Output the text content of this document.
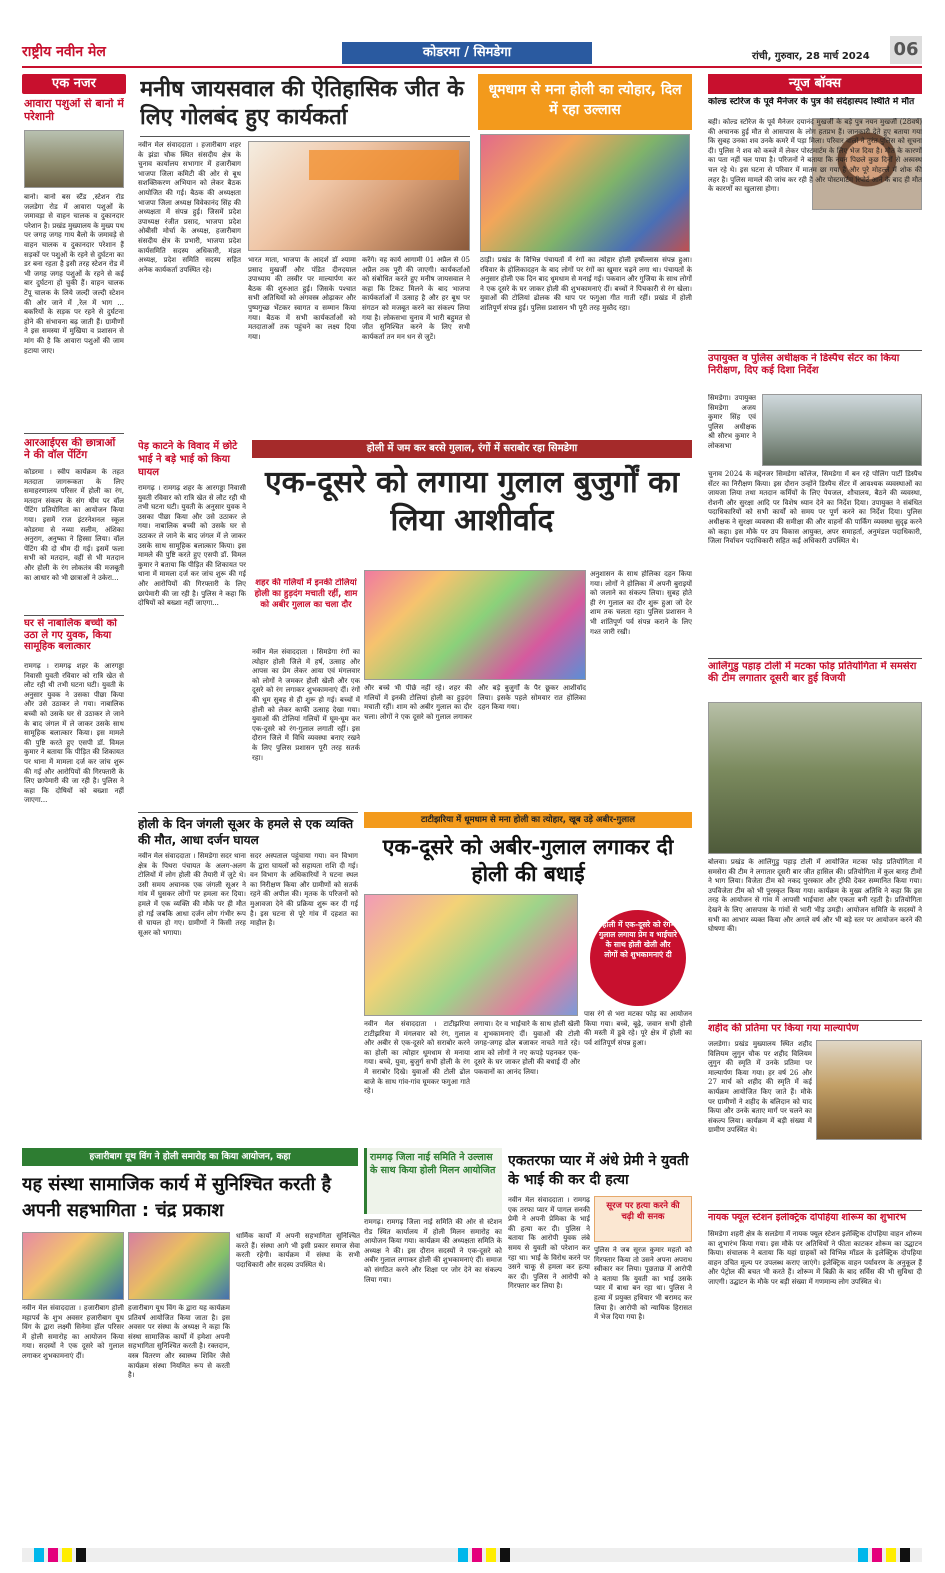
राष्ट्रीय नवीन मेल	कोडरमा / सिमडेगा	रांची, गुरुवार, 28 मार्च 2024 06
एक नजर
आवारा पशुओं से बानो में परेशानी
बानो। बानो बस स्टैंड ,स्टेशन रोड जलडेगा रोड में आवारा पशुओं के जमावड़ा से वाहन चालक व दुकानदार परेशान है। प्रखंड मुख्यालय के मुख्य पथ पर जगह जगह गाय बैलो के जमावड़े से वाहन चालक व दुकानदार परेशान हैं सड़कों पर पशुओं के रहने से दुर्घटना का डर बना रहता है इसी तरह स्टेशन रोड में भी जगह जगह पशुओं के रहने से कई बार दुर्घटना हो चुकी हैं। वाहन चालक टेंपू चालक के लिये जल्दी जल्दी स्टेशन की ओर जाने में ,रेल में भाग ... बकरियों के सड़क पर रहने से दुर्घटना होने की संभावना बढ़ जाती हैं। ग्रामीणों ने इस समस्या में मुखिया व प्रशासन से मांग की है कि आवारा पशुओं की जाम हटाया जाए।
आरआईएस की छात्राओं ने की वॉल पेंटिंग
कोडरमा । स्वीप कार्यक्रम के तहत मतदाता जागरूकता के लिए समाहरणालय परिसर में होली का रंग, मतदान संकल्प के संग थीम पर वॉल पेंटिंग प्रतियोगिता का आयोजन किया गया। इसमें राज इंटरनेशनल स्कूल कोडरमा से नव्या सलीम, अंशिका अनुराग, अनुष्का ने हिस्सा लिया। वॉल पेंटिंग की दो थीम दी गई। इसमें फला सभी को मतदान, वहीं से भी मतदान और होली के रंग लोकतंत्र की मजबूती का आधार को भी छात्राओं ने उकेरा...
घर से नाबालिक बच्ची को उठा ले गए युवक, किया सामूहिक बलात्कार
रामगढ़ । रामगढ़ शहर के आरगड्डा निवासी युवती रविवार को रात्रि खेत से लौट रही थी तभी घटना घटी। युवती के अनुसार युवक ने उसका पीछा किया और उसे उठाकर ले गया। नाबालिक बच्ची को उसके घर से उठाकर ले जाने के बाद जंगल में ले जाकर उसके साथ सामूहिक बलात्कार किया। इस मामले की पुष्टि करते हुए एसपी डॉ. विमल कुमार ने बताया कि पीड़ित की शिकायत पर थाना में मामला दर्ज कर जांच शुरू की गई और आरोपियों की गिरफ्तारी के लिए छापेमारी की जा रही है। पुलिस ने कहा कि दोषियों को बख्शा नहीं जाएगा...
मनीष जायसवाल की ऐतिहासिक जीत के लिए गोलबंद हुए कार्यकर्ता
नवीन मेल संवाददाता । हजारीबाग शहर के झंडा चौक स्थित संसदीय क्षेत्र के चुनाव कार्यालय सभागार में हजारीबाग भाजपा जिला कमिटी की ओर से बूथ सशक्तिकरण अभियान को लेकर बैठक आयोजित की गई। बैठक की अध्यक्षता भाजपा जिला अध्यक्ष विवेकानंद सिंह की अध्यक्षता में संपन्न हुई। जिसमें प्रदेश उपाध्यक्ष रंजीत प्रसाद, भाजपा प्रदेश ओबीसी मोर्चा के अध्यक्ष, हजारीबाग संसदीय क्षेत्र के प्रभारी, भाजपा प्रदेश कार्यसमिति सदस्य अधिकारी, मंडल अध्यक्ष, प्रदेश समिति सदस्य सहित अनेक कार्यकर्ता उपस्थित रहे।
भारत माता, भाजपा के आदर्श डॉ श्यामा प्रसाद मुखर्जी और पंडित दीनदयाल उपाध्याय की तस्वीर पर माल्यार्पण कर बैठक की शुरुआत हुई। जिसके पश्चात सभी अतिथियों को अंगवस्त्र ओढ़ाकर और पुष्पगुच्छ भेंटकर स्वागत व सम्मान किया गया। बैठक में सभी कार्यकर्ताओं को मतदाताओं तक पहुंचने का लक्ष्य दिया गया।
करेंगे। वह कार्य आगामी 01 अप्रैल से 05 अप्रैल तक पूरी की जाएगी। कार्यकर्ताओं को संबोधित करते हुए मनीष जायसवाल ने कहा कि टिकट मिलने के बाद भाजपा कार्यकर्ताओं में उत्साह है और हर बूथ पर संगठन को मजबूत करने का संकल्प लिया गया है। लोकसभा चुनाव में भारी बहुमत से जीत सुनिश्चित करने के लिए सभी कार्यकर्ता तन मन धन से जुटें।
धूमधाम से मना होली का त्योहार, दिल में रहा उल्लास
ठाड़ी। प्रखंड के विभिन्न पंचायतों में रंगों का त्योहार होली हर्षोल्लास संपन्न हुआ। रविवार के होलिकादहन के बाद लोगों पर रंगों का खुमार चढ़ने लगा था। पंचायतों के अनुसार होली एक दिन बाद धूमधाम से मनाई गई। पकवान और गुजिया के साथ लोगों ने एक दूसरे के घर जाकर होली की शुभकामनाएं दीं। बच्चों ने पिचकारी से रंग खेला। युवाओं की टोलियां ढोलक की थाप पर फगुआ गीत गाती रहीं। प्रखंड में होली शांतिपूर्ण संपन्न हुई। पुलिस प्रशासन भी पूरी तरह मुस्तैद रहा।
न्यूज बॉक्स
कोल्ड स्टोरेज के पूर्व मैनेजर के पुत्र की संदेहास्पद स्थिति में मौत
बही। कोल्ड स्टोरेज के पूर्व मैनेजर दयानंद मुखर्जी के बड़े पुत्र नयन मुखर्जी (28वर्ष) की अचानक हुई मौत से आसपास के लोग हतप्रभ हैं। जानकारी देते हुए बताया गया कि सुबह उनका शव उनके कमरे में पड़ा मिला। परिवार वालों ने तुरंत पुलिस को सूचना दी। पुलिस ने शव को कब्जे में लेकर पोस्टमार्टम के लिए भेज दिया है। मौत के कारणों का पता नहीं चल पाया है। परिजनों ने बताया कि नयन पिछले कुछ दिनों से अस्वस्थ चल रहे थे। इस घटना से परिवार में मातम छा गया है और पूरे मोहल्ले में शोक की लहर है। पुलिस मामले की जांच कर रही है और पोस्टमार्टम रिपोर्ट आने के बाद ही मौत के कारणों का खुलासा होगा।
उपायुक्त व पुलिस अधीक्षक ने डिस्पैच सेंटर का किया निरीक्षण, दिए कई दिशा निर्देश
सिमडेगा। उपायुक्त सिमडेगा अजय कुमार सिंह एवं पुलिस अधीक्षक श्री सौरभ कुमार ने लोकसभा
चुनाव 2024 के मद्देनजर सिमडेगा कॉलेज, सिमडेगा में बन रहे पोलिंग पार्टी डिस्पैच सेंटर का निरीक्षण किया। इस दौरान उन्होंने डिस्पैच सेंटर में आवश्यक व्यवस्थाओं का जायजा लिया तथा मतदान कर्मियों के लिए पेयजल, शौचालय, बैठने की व्यवस्था, रोशनी और सुरक्षा आदि पर विशेष ध्यान देने का निर्देश दिया। उपायुक्त ने संबंधित पदाधिकारियों को सभी कार्यों को समय पर पूर्ण करने का निर्देश दिया। पुलिस अधीक्षक ने सुरक्षा व्यवस्था की समीक्षा की और वाहनों की पार्किंग व्यवस्था सुदृढ़ करने को कहा। इस मौके पर उप विकास आयुक्त, अपर समाहर्ता, अनुमंडल पदाधिकारी, जिला निर्वाचन पदाधिकारी सहित कई अधिकारी उपस्थित थे।
आलिंगुडु पहाड़ टोली में मटका फोड़ प्रतियोगिता में समसेरा की टीम लगातार दूसरी बार हुई विजयी
बोलवा। प्रखंड के आलिंगुडु पहाड़ टोली में आयोजित मटका फोड़ प्रतियोगिता में समसेरा की टीम ने लगातार दूसरी बार जीत हासिल की। प्रतियोगिता में कुल बारह टीमों ने भाग लिया। विजेता टीम को नकद पुरस्कार और ट्रॉफी देकर सम्मानित किया गया। उपविजेता टीम को भी पुरस्कृत किया गया। कार्यक्रम के मुख्य अतिथि ने कहा कि इस तरह के आयोजन से गांव में आपसी भाईचारा और एकता बनी रहती है। प्रतियोगिता देखने के लिए आसपास के गांवों से भारी भीड़ उमड़ी। आयोजन समिति के सदस्यों ने सभी का आभार व्यक्त किया और अगले वर्ष और भी बड़े स्तर पर आयोजन करने की घोषणा की।
शहीद की प्रतिमा पर किया गया माल्यार्पण
जलडेगा। प्रखंड मुख्यालय स्थित शहीद विलियम लुगुन चौक पर शहीद विलियम लुगुन की स्मृति में उनके प्रतिमा पर माल्यार्पण किया गया। हर वर्ष 26 और 27 मार्च को शहीद की स्मृति में कई कार्यक्रम आयोजित किए जाते हैं। मौके पर ग्रामीणों ने शहीद के बलिदान को याद किया और उनके बताए मार्ग पर चलने का संकल्प लिया। कार्यक्रम में बड़ी संख्या में ग्रामीण उपस्थित थे।
नायक फ्यूल स्टेशन इलेक्ट्रिक दोपहिया शोरूम का शुभारंभ
सिमडेगा शहरी क्षेत्र के सलडेगा में नायक फ्यूल स्टेशन इलेक्ट्रिक दोपहिया वाहन शोरूम का शुभारंभ किया गया। इस मौके पर अतिथियों ने फीता काटकर शोरूम का उद्घाटन किया। संचालक ने बताया कि यहां ग्राहकों को विभिन्न मॉडल के इलेक्ट्रिक दोपहिया वाहन उचित मूल्य पर उपलब्ध कराए जाएंगे। इलेक्ट्रिक वाहन पर्यावरण के अनुकूल हैं और पेट्रोल की बचत भी करते हैं। शोरूम में बिक्री के बाद सर्विस की भी सुविधा दी जाएगी। उद्घाटन के मौके पर बड़ी संख्या में गणमान्य लोग उपस्थित थे।
पेड़ काटने के विवाद में छोटे भाई ने बड़े भाई को किया घायल
होली में जम कर बरसे गुलाल, रंगों में सराबोर रहा सिमडेगा
एक-दूसरे को लगाया गुलाल बुजुर्गों का लिया आशीर्वाद
शहर की गलियों में इनकी टोलियां होली का हुड़दंग मचाती रहीं, शाम को अबीर गुलाल का चला दौर
नवीन मेल संवाददाता । सिमडेगा रंगों का त्योहार होली जिले में हर्ष, उत्साह और आपस का प्रेम लेकर आया एवं मंगलवार को लोगों ने जमकर होली खेली और एक दूसरे को रंग लगाकर शुभकामनाएं दीं। रंगों की धूम सुबह से ही शुरू हो गई। बच्चों में होली को लेकर काफी उत्साह देखा गया। युवाओं की टोलियां गलियों में घूम-घूम कर एक-दूसरे को रंग-गुलाल लगाती रहीं। इस दौरान जिले में विधि व्यवस्था बनाए रखने के लिए पुलिस प्रशासन पूरी तरह सतर्क रहा।
और बच्चे भी पीछे नहीं रहे। शहर की गलियों में इनकी टोलियां होली का हुड़दंग मचाती रहीं। शाम को अबीर गुलाल का दौर चला। लोगों ने एक दूसरे को गुलाल लगाकर और बड़े बुजुर्गों के पैर छूकर आशीर्वाद लिया। इसके पहले सोमवार रात होलिका दहन किया गया।
अनुशासन के साथ होलिका दहन किया गया। लोगों ने होलिका में अपनी बुराइयों को जलाने का संकल्प लिया। सुबह होते ही रंग गुलाल का दौर शुरू हुआ जो देर शाम तक चलता रहा। पुलिस प्रशासन ने भी शांतिपूर्ण पर्व संपन्न कराने के लिए गश्त जारी रखी।
रामगढ़ । रामगढ़ शहर के आरगड्डा निवासी युवती रविवार को रात्रि खेत से लौट रही थी तभी घटना घटी। युवती के अनुसार युवक ने उसका पीछा किया और उसे उठाकर ले गया। नाबालिक बच्ची को उसके घर से उठाकर ले जाने के बाद जंगल में ले जाकर उसके साथ सामूहिक बलात्कार किया। इस मामले की पुष्टि करते हुए एसपी डॉ. विमल कुमार ने बताया कि पीड़ित की शिकायत पर थाना में मामला दर्ज कर जांच शुरू की गई और आरोपियों की गिरफ्तारी के लिए छापेमारी की जा रही है। पुलिस ने कहा कि दोषियों को बख्शा नहीं जाएगा...
होली के दिन जंगली सूअर के हमले से एक व्यक्ति की मौत, आधा दर्जन घायल
नवीन मेल संवाददाता । सिमडेगा सदर थाना क्षेत्र के पिथरा पंचायत के अलग-अलग टोलियों में लोग होली की तैयारी में जुटे थे। उसी समय अचानक एक जंगली सूअर ने गांव में घुसकर लोगों पर हमला कर दिया। हमले में एक व्यक्ति की मौके पर ही मौत हो गई जबकि आधा दर्जन लोग गंभीर रूप से घायल हो गए। ग्रामीणों ने किसी तरह सूअर को भगाया।
सदर अस्पताल पहुंचाया गया। वन विभाग के द्वारा घायलों को सहायता राशि दी गई। वन विभाग के अधिकारियों ने घटना स्थल का निरीक्षण किया और ग्रामीणों को सतर्क रहने की अपील की। मृतक के परिजनों को मुआवजा देने की प्रक्रिया शुरू कर दी गई है। इस घटना से पूरे गांव में दहशत का माहौल है।
टाटीझरिया में धूमधाम से मना होली का त्योहार, खूब उड़े अबीर-गुलाल
एक-दूसरे को अबीर-गुलाल लगाकर दी होली की बधाई
होली में एक-दूसरे को रंग-गुलाल लगाया प्रेम व भाईचारे के साथ होली खेली और लोगों को शुभकामनाएं दी
नवीन मेल संवाददाता । टाटीझरिया टाटीझरिया में मंगलवार को रंग, गुलाल और अबीर से एक-दूसरे को सराबोर करने का होली का त्योहार धूमधाम से मनाया गया। बच्चे, युवा, बुजुर्ग सभी होली के रंग में सराबोर दिखे। युवाओं की टोली ढोल बाजे के साथ गांव-गांव घूमकर फगुआ गाते रहे।
लगाया। देर व भाईचारे के साथ होली खेली व शुभकामनाएं दीं। युवाओं की टोली जगह-जगह ढोल बजाकर नाचते गाते रहे। शाम को लोगों ने नए कपड़े पहनकर एक-दूसरे के घर जाकर होली की बधाई दी और पकवानों का आनंद लिया।
पास रंगे से भरा मटका फोड़ का आयोजन किया गया। बच्चे, बूढ़े, जवान सभी होली की मस्ती में डूबे रहे। पूरे क्षेत्र में होली का पर्व शांतिपूर्ण संपन्न हुआ।
हजारीबाग यूथ विंग ने होली समारोह का किया आयोजन, कहा
यह संस्था सामाजिक कार्य में सुनिश्चित करती है अपनी सहभागिता : चंद्र प्रकाश
नवीन मेल संवाददाता । हजारीबाग होली महापर्व के शुभ अवसर हजारीबाग यूथ विंग के द्वारा लक्ष्मी सिनेमा हॉल परिसर में होली समारोह का आयोजन किया गया। सदस्यों ने एक दूसरे को गुलाल लगाकर शुभकामनाएं दीं।
हजारीबाग यूथ विंग के द्वारा यह कार्यक्रम प्रतिवर्ष आयोजित किया जाता है। इस अवसर पर संस्था के अध्यक्ष ने कहा कि संस्था सामाजिक कार्यों में हमेशा अपनी सहभागिता सुनिश्चित करती है। रक्तदान, वस्त्र वितरण और स्वास्थ्य शिविर जैसे कार्यक्रम संस्था नियमित रूप से करती है।
धार्मिक कार्यों में अपनी सहभागिता सुनिश्चित करते हैं। संस्था आगे भी इसी प्रकार समाज सेवा करती रहेगी। कार्यक्रम में संस्था के सभी पदाधिकारी और सदस्य उपस्थित थे।
रामगढ़ जिला नाई समिति ने उल्लास के साथ किया होली मिलन आयोजित
रामगढ़। रामगढ़ जिला नाई समिति की ओर से स्टेशन रोड स्थित कार्यालय में होली मिलन समारोह का आयोजन किया गया। कार्यक्रम की अध्यक्षता समिति के अध्यक्ष ने की। इस दौरान सदस्यों ने एक-दूसरे को अबीर गुलाल लगाकर होली की शुभकामनाएं दीं। समाज को संगठित करने और शिक्षा पर जोर देने का संकल्प लिया गया।
एकतरफा प्यार में अंधे प्रेमी ने युवती के भाई की कर दी हत्या
नवीन मेल संवाददाता । रामगढ़ एक तरफा प्यार में पागल सनकी प्रेमी ने अपनी प्रेमिका के भाई की हत्या कर दी। पुलिस ने बताया कि आरोपी युवक लंबे समय से युवती को परेशान कर रहा था। भाई के विरोध करने पर उसने चाकू से हमला कर हत्या कर दी। पुलिस ने आरोपी को गिरफ्तार कर लिया है।
सूरज पर हत्या करने की चढ़ी थी सनक
पुलिस ने जब सूरज कुमार महतो को गिरफ्तार किया तो उसने अपना अपराध स्वीकार कर लिया। पूछताछ में आरोपी ने बताया कि युवती का भाई उसके प्यार में बाधा बन रहा था। पुलिस ने हत्या में प्रयुक्त हथियार भी बरामद कर लिया है। आरोपी को न्यायिक हिरासत में भेज दिया गया है।
